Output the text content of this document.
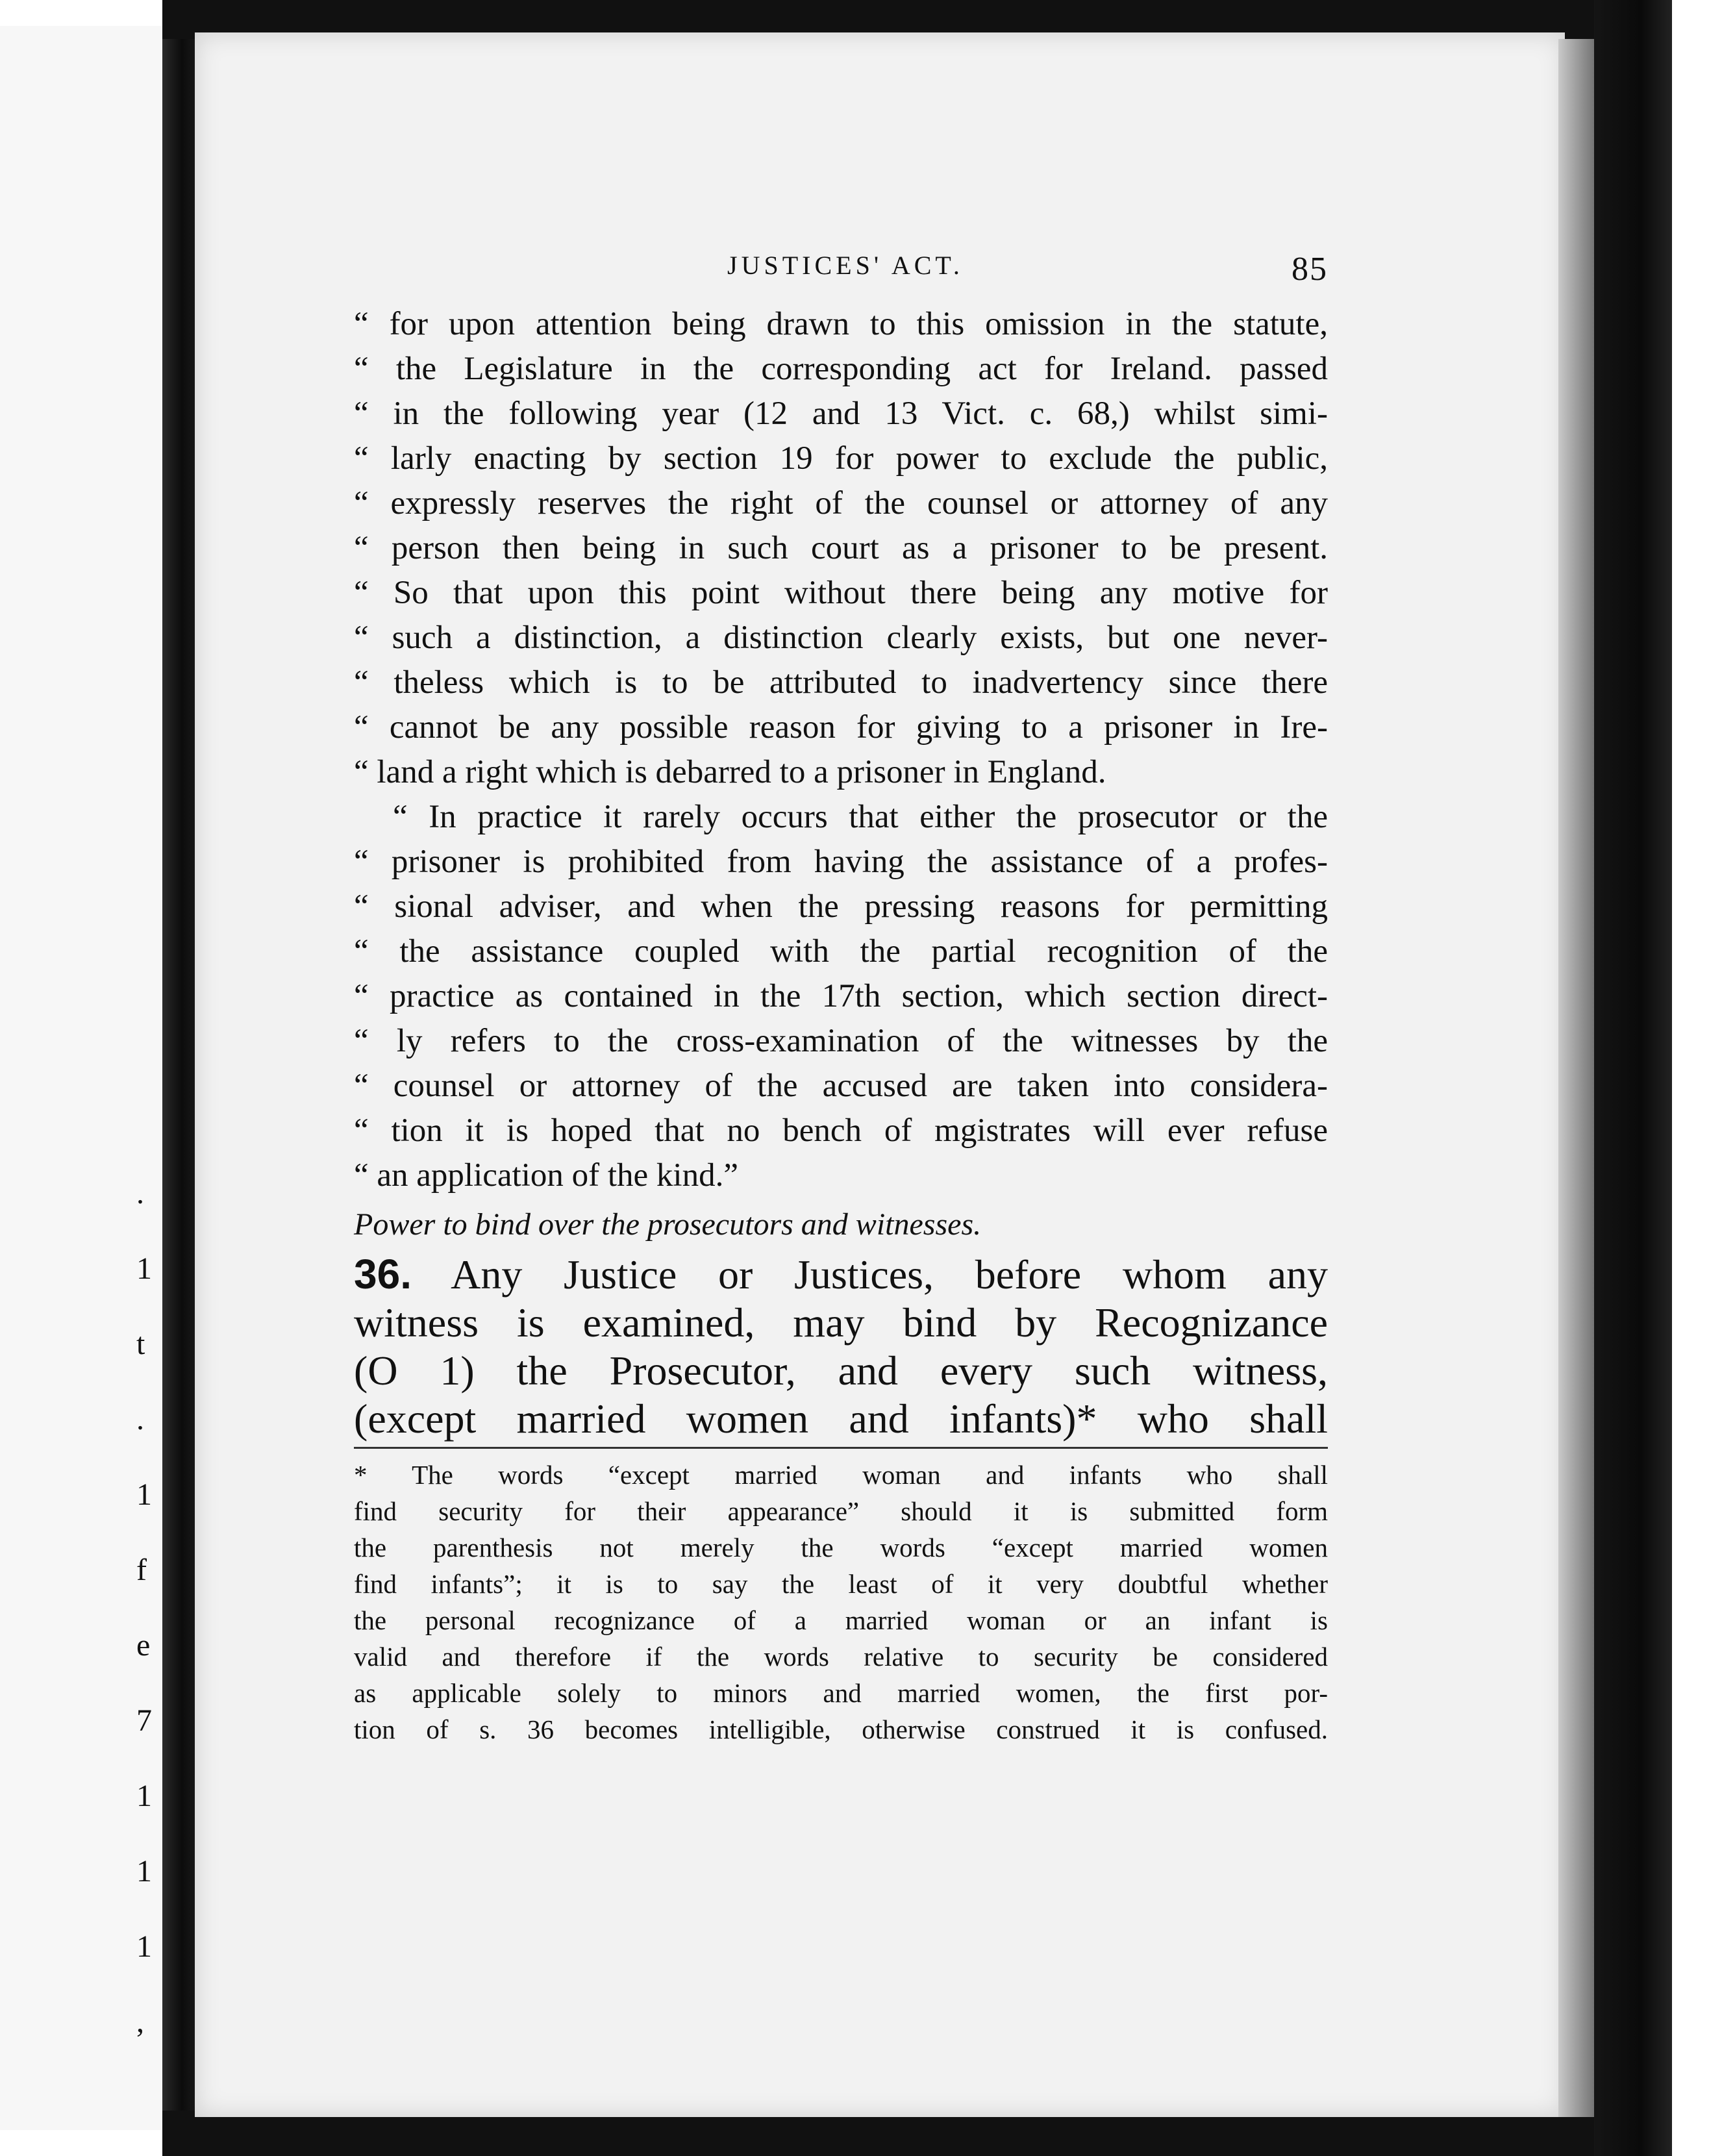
.
1
t
.
1
f
e
7
1
1
1
,
JUSTICES' ACT.	85
“ for upon attention being drawn to this omission in the statute,
“ the Legislature in the corresponding act for Ireland. passed
“ in the following year (12 and 13 Vict. c. 68,) whilst simi-
“ larly enacting by section 19 for power to exclude the public,
“ expressly reserves the right of the counsel or attorney of any
“ person then being in such court as a prisoner to be present.
“ So that upon this point without there being any motive for
“ such a distinction, a distinction clearly exists, but one never-
“ theless which is to be attributed to inadvertency since there
“ cannot be any possible reason for giving to a prisoner in Ire-
“ land a right which is debarred to a prisoner in England.
“ In practice it rarely occurs that either the prosecutor or the
“ prisoner is prohibited from having the assistance of a profes-
“ sional adviser, and when the pressing reasons for permitting
“ the assistance coupled with the partial recognition of the
“ practice as contained in the 17th section, which section direct-
“ ly refers to the cross-examination of the witnesses by the
“ counsel or attorney of the accused are taken into considera-
“ tion it is hoped that no bench of mgistrates will ever refuse
“ an application of the kind.”
Power to bind over the prosecutors and witnesses.
36. Any Justice or Justices, before whom any
witness is examined, may bind by Recognizance
(O 1) the Prosecutor, and every such witness,
(except married women and infants)* who shall
* The words “except married woman and infants who shall
find security for their appearance” should it is submitted form
the parenthesis not merely the words “except married women
find infants”; it is to say the least of it very doubtful whether
the personal recognizance of a married woman or an infant is
valid and therefore if the words relative to security be considered
as applicable solely to minors and married women, the first por-
tion of s. 36 becomes intelligible, otherwise construed it is confused.
